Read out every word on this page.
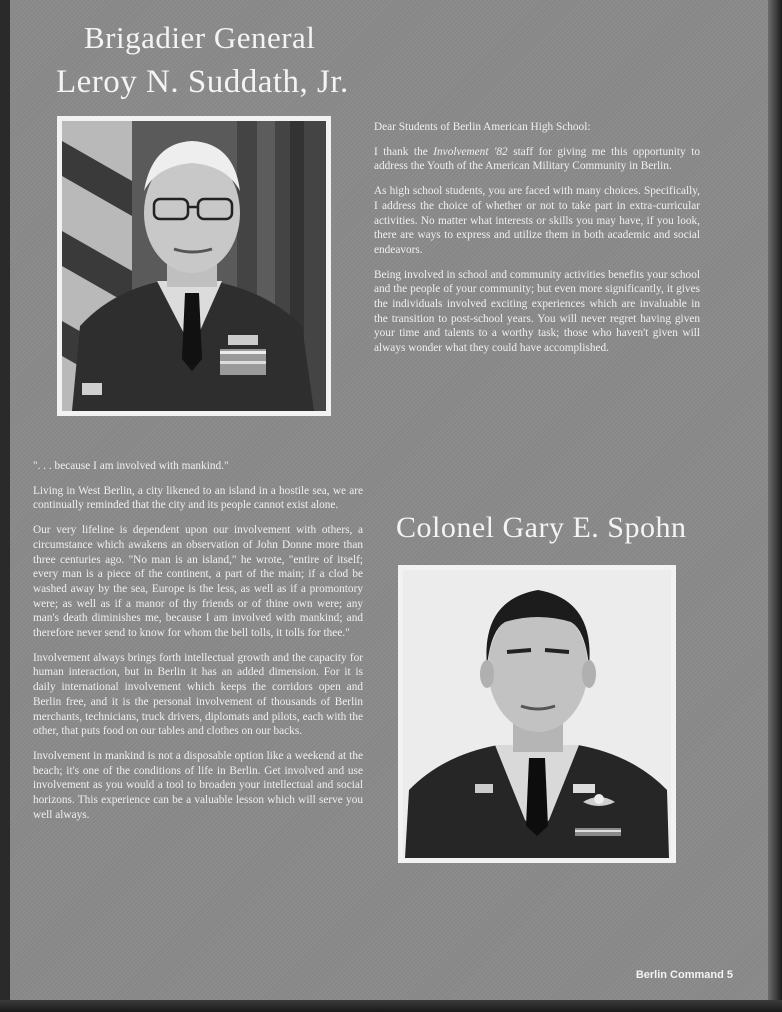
Brigadier General
Leroy N. Suddath, Jr.

Dear Students of Berlin American High School:

I thank the Involvement '82 staff for giving me this opportunity to address the Youth of the American Military Community in Berlin.

As high school students, you are faced with many choices. Specifically, I address the choice of whether or not to take part in extra-curricular activities. No matter what interests or skills you may have, if you look, there are ways to express and utilize them in both academic and social endeavors.

Being involved in school and community activities benefits your school and the people of your community; but even more significantly, it gives the individuals involved exciting experiences which are invaluable in the transition to post-school years. You will never regret having given your time and talents to a worthy task; those who haven't given will always wonder what they could have accomplished.

". . . because I am involved with mankind."

Living in West Berlin, a city likened to an island in a hostile sea, we are continually reminded that the city and its people cannot exist alone.

Our very lifeline is dependent upon our involvement with others, a circumstance which awakens an observation of John Donne more than three centuries ago. "No man is an island," he wrote, "entire of itself; every man is a piece of the continent, a part of the main; if a clod be washed away by the sea, Europe is the less, as well as if a promontory were; as well as if a manor of thy friends or of thine own were; any man's death diminishes me, because I am involved with mankind; and therefore never send to know for whom the bell tolls, it tolls for thee."

Involvement always brings forth intellectual growth and the capacity for human interaction, but in Berlin it has an added dimension. For it is daily international involvement which keeps the corridors open and Berlin free, and it is the personal involvement of thousands of Berlin merchants, technicians, truck drivers, diplomats and pilots, each with the other, that puts food on our tables and clothes on our backs.

Involvement in mankind is not a disposable option like a weekend at the beach; it's one of the conditions of life in Berlin. Get involved and use involvement as you would a tool to broaden your intellectual and social horizons. This experience can be a valuable lesson which will serve you well always.

Colonel Gary E. Spohn
Berlin Command 5
